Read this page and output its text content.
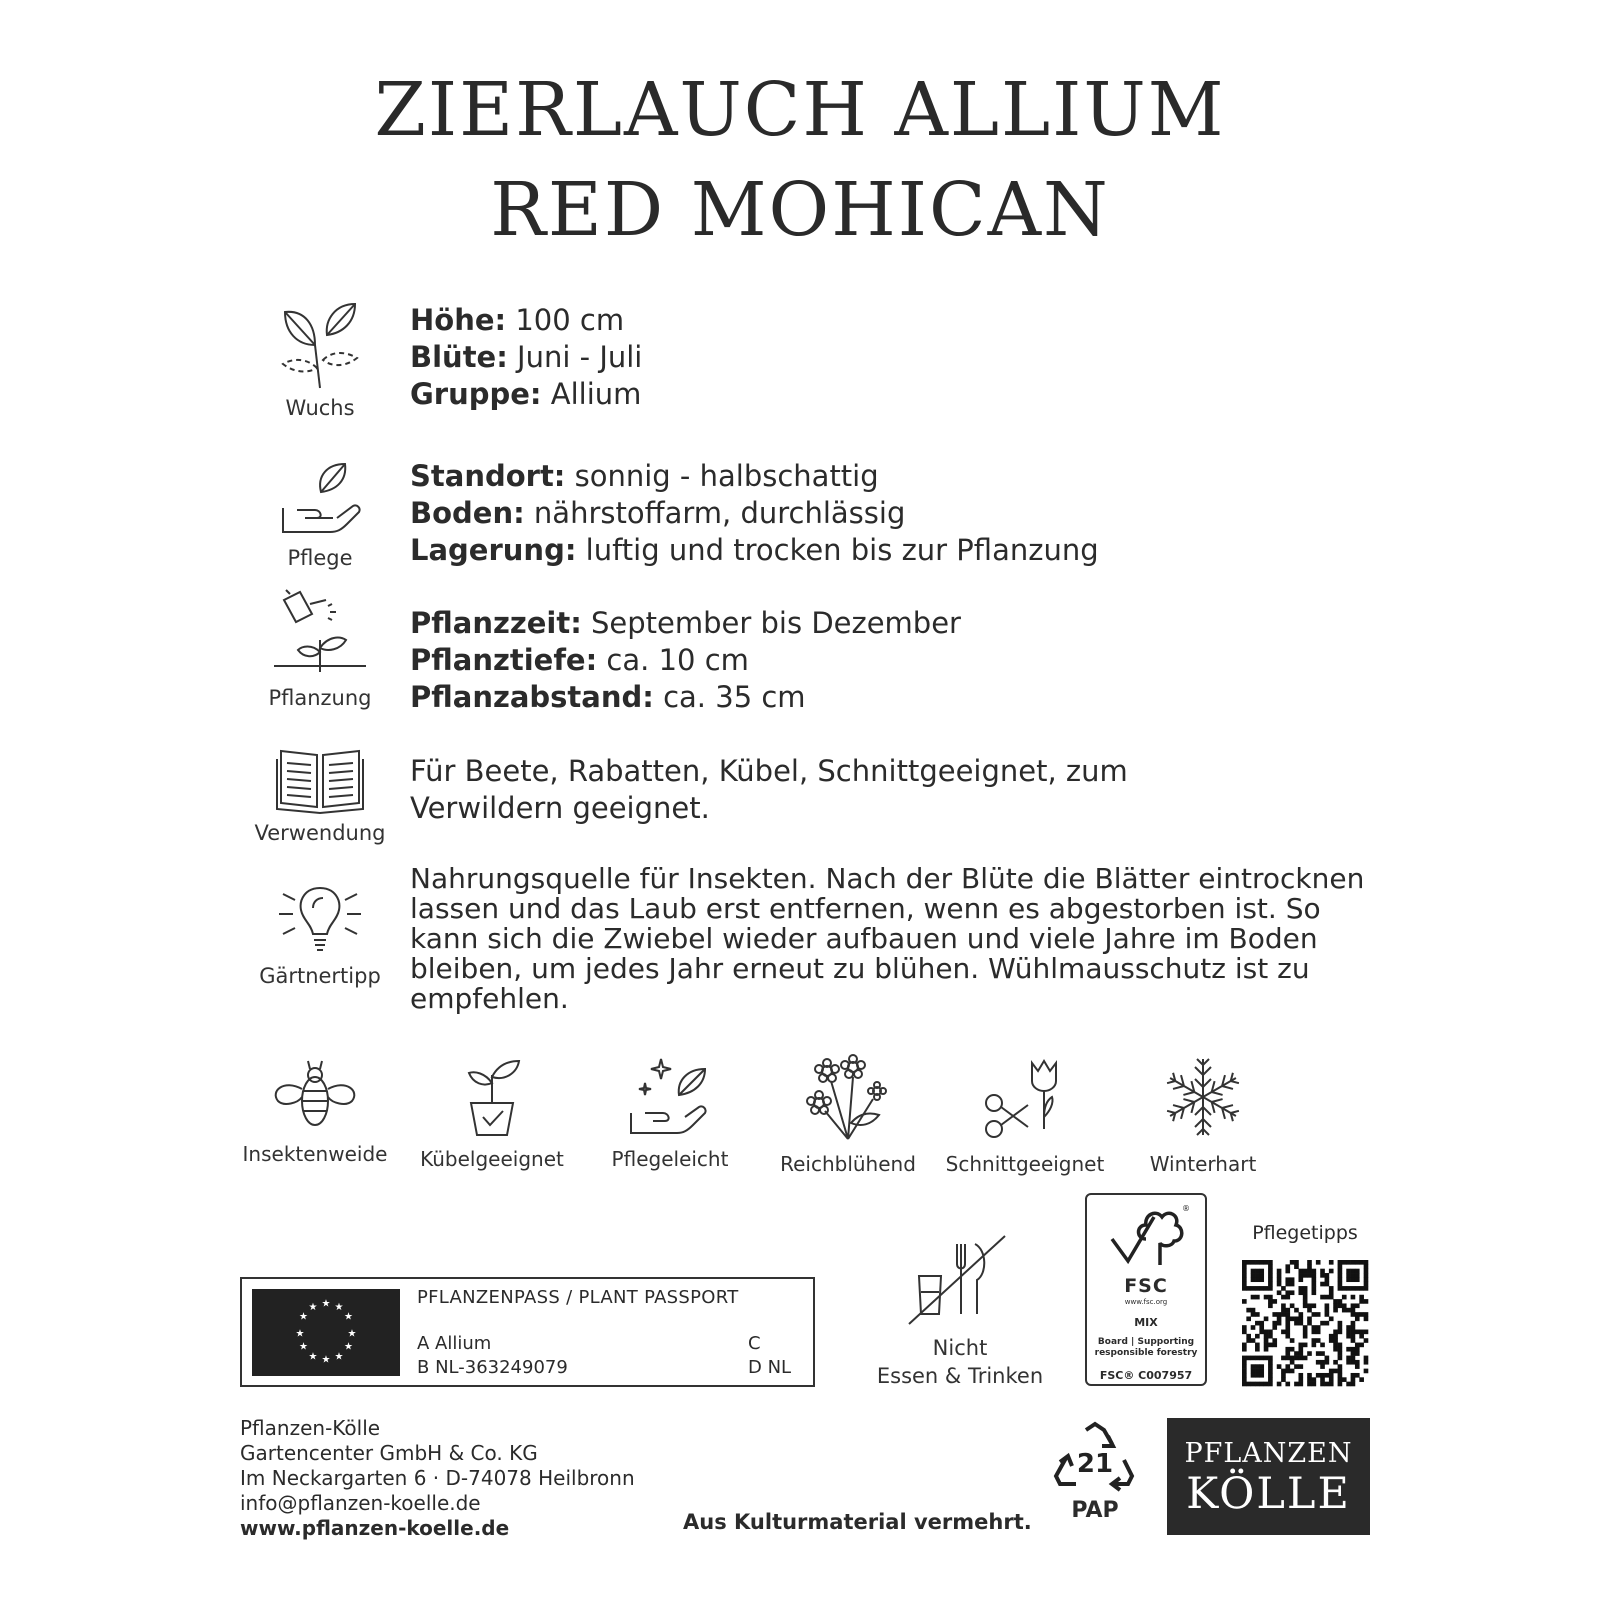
ZIERLAUCH ALLIUM
RED MOHICAN
Wuchs
Höhe: 100 cm
Blüte: Juni - Juli
Gruppe: Allium
Pflege
Standort: sonnig - halbschattig
Boden: nährstoffarm, durchlässig
Lagerung: luftig und trocken bis zur Pflanzung
Pflanzung
Pflanzzeit: September bis Dezember
Pflanztiefe: ca. 10 cm
Pflanzabstand: ca. 35 cm
Verwendung
Für Beete, Rabatten, Kübel, Schnittgeeignet, zum Verwildern geeignet.
Gärtnertipp
Nahrungsquelle für Insekten. Nach der Blüte die Blätter eintrocknen lassen und das Laub erst entfernen, wenn es abgestorben ist. So kann sich die Zwiebel wieder aufbauen und viele Jahre im Boden bleiben, um jedes Jahr erneut zu blühen. Wühlmausschutz ist zu empfehlen.
Insektenweide	Kübelgeeignet	Pflegeleicht	Reichblühend	Schnittgeeignet	Winterhart
★ ★
★
★
★
★
★
★
★
★
★
★	PFLANZENPASS / PLANT PASSPORT
A Allium
B NL-363249079
C
D NL
Nicht
Essen & Trinken
®
FSC
www.fsc.org
MIX
Board | Supporting
responsible forestry
FSC® C007957
Pflegetipps
Pflanzen-Kölle
Gartencenter GmbH & Co. KG
Im Neckargarten 6 · D-74078 Heilbronn
info@pflanzen-koelle.de
www.pflanzen-koelle.de	Aus Kulturmaterial vermehrt.
21
PAP
PFLANZEN
KÖLLE
